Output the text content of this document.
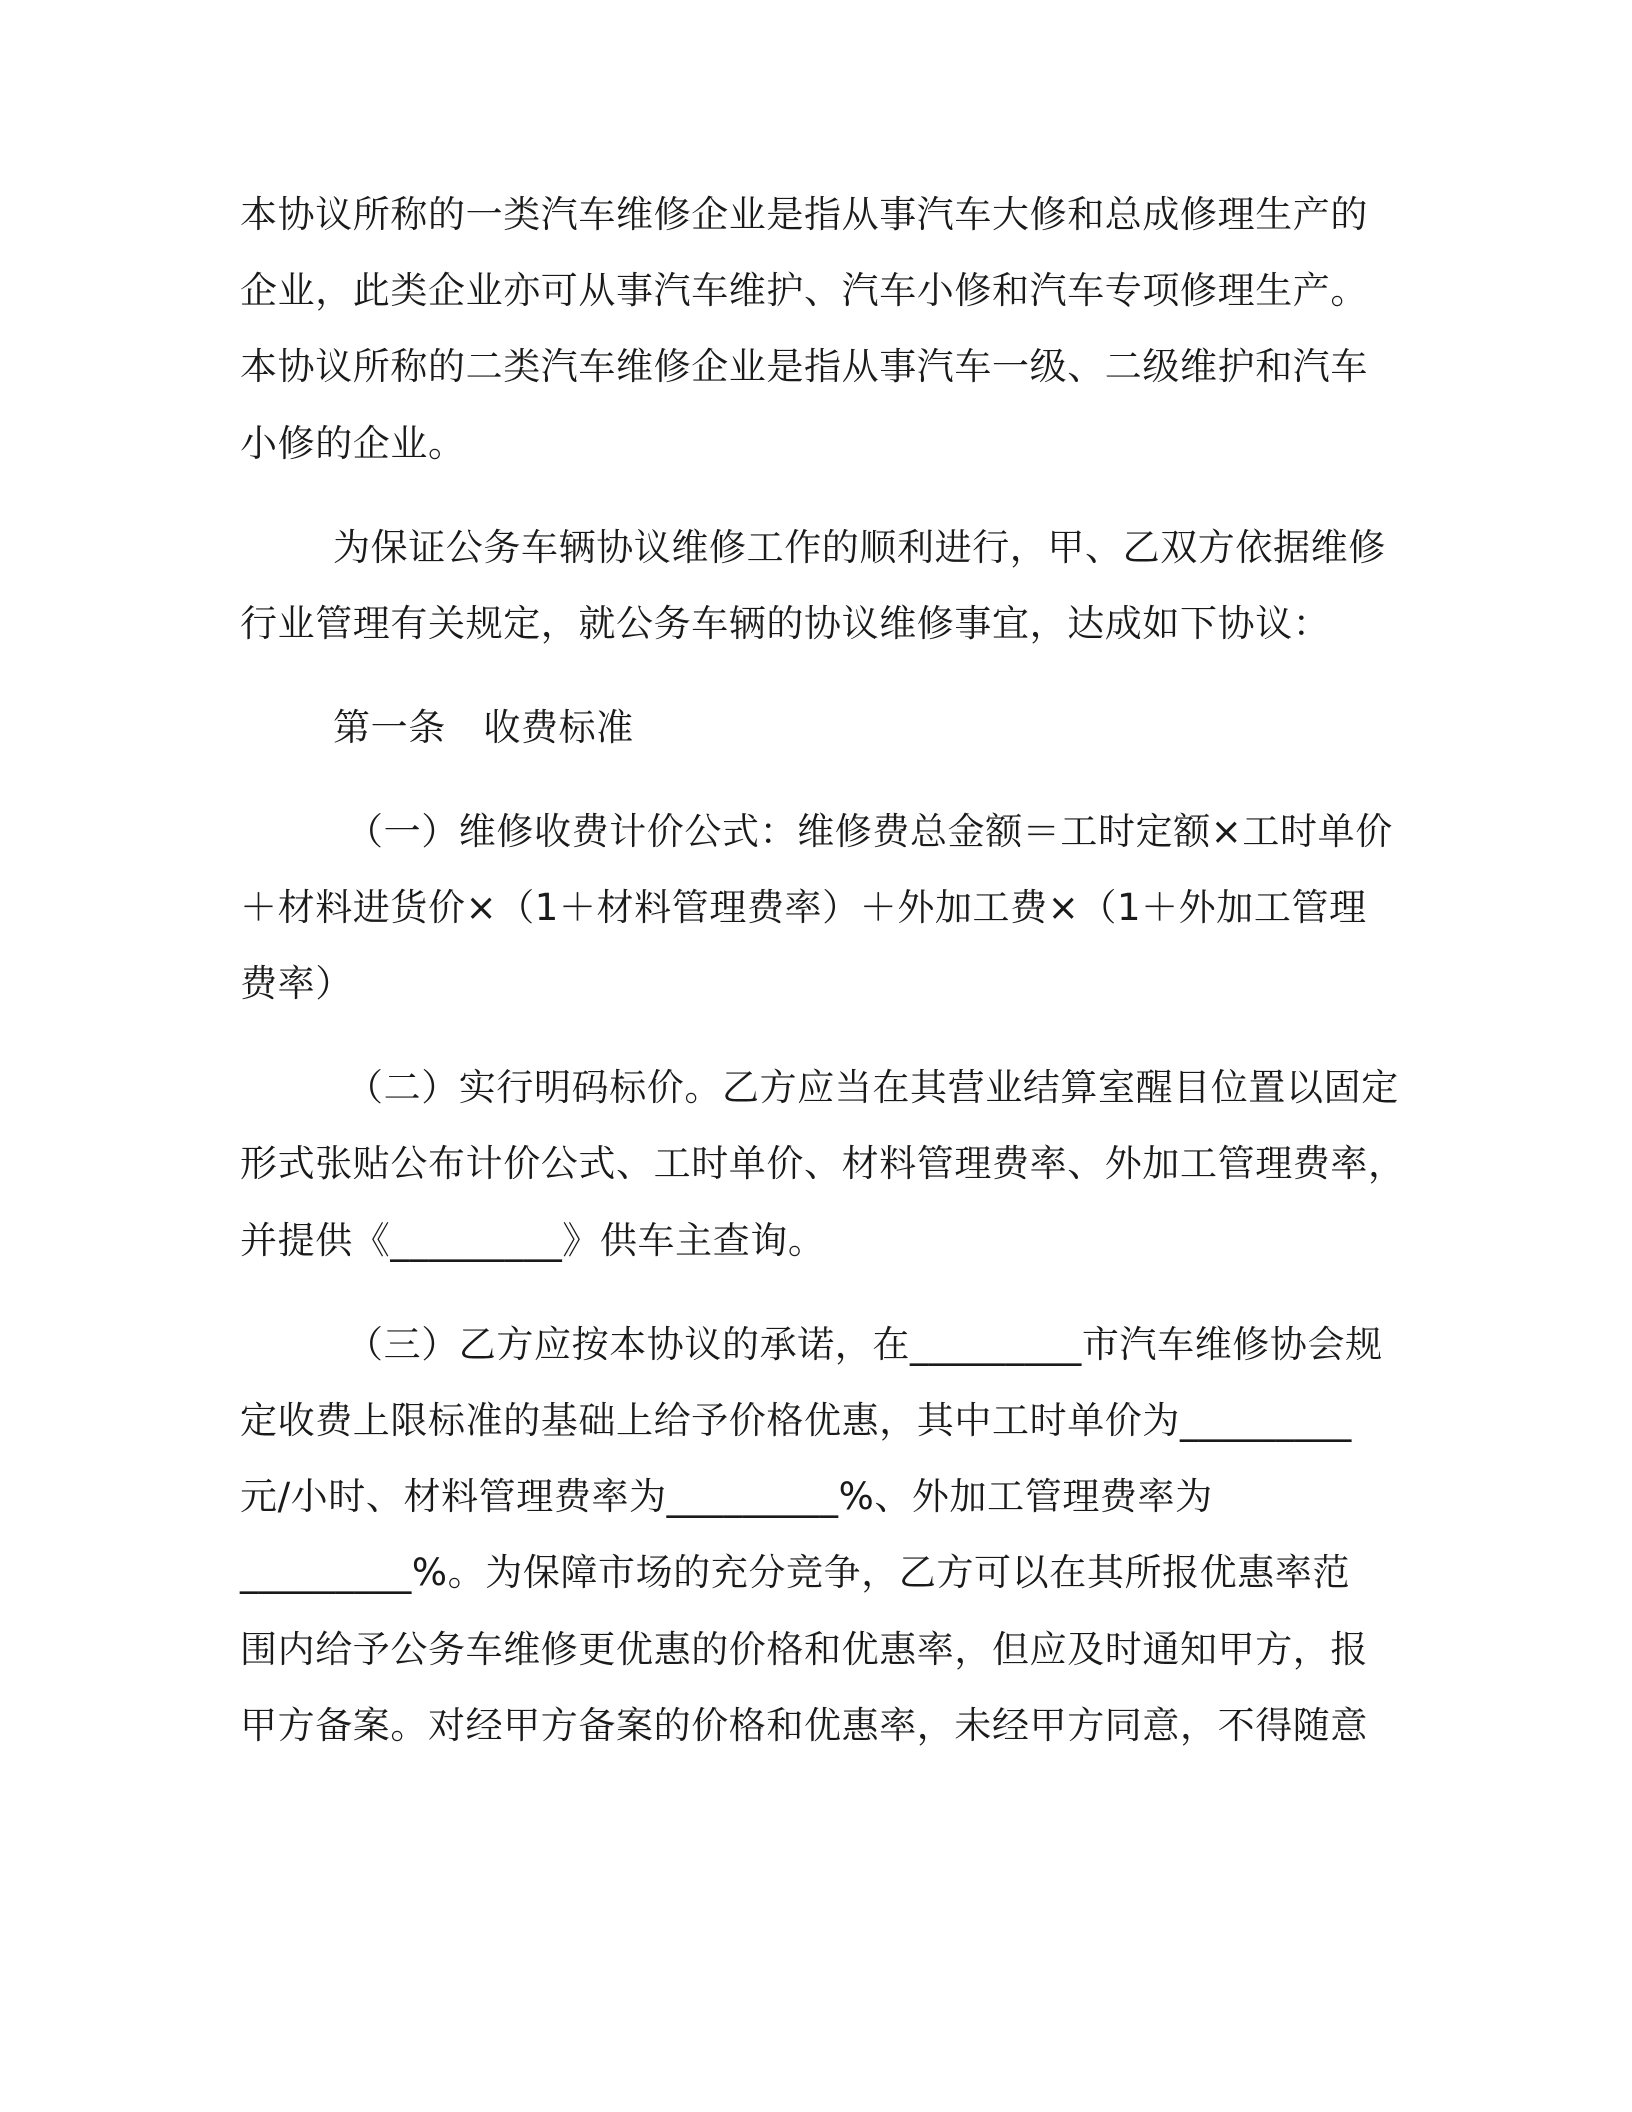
本协议所称的一类汽车维修企业是指从事汽车大修和总成修理生产的
企业，此类企业亦可从事汽车维护、汽车小修和汽车专项修理生产。
本协议所称的二类汽车维修企业是指从事汽车一级、二级维护和汽车
小修的企业。
为保证公务车辆协议维修工作的顺利进行，甲、乙双方依据维修
行业管理有关规定，就公务车辆的协议维修事宜，达成如下协议：
第一条　收费标准
（一）维修收费计价公式：维修费总金额＝工时定额×工时单价
＋材料进货价×（1＋材料管理费率）＋外加工费×（1＋外加工管理
费率）
（二）实行明码标价。乙方应当在其营业结算室醒目位置以固定
形式张贴公布计价公式、工时单价、材料管理费率、外加工管理费率，
并提供《_________》供车主查询。
（三）乙方应按本协议的承诺，在_________市汽车维修协会规
定收费上限标准的基础上给予价格优惠，其中工时单价为_________
元/小时、材料管理费率为_________%、外加工管理费率为
_________%。为保障市场的充分竞争，乙方可以在其所报优惠率范
围内给予公务车维修更优惠的价格和优惠率，但应及时通知甲方，报
甲方备案。对经甲方备案的价格和优惠率，未经甲方同意，不得随意
